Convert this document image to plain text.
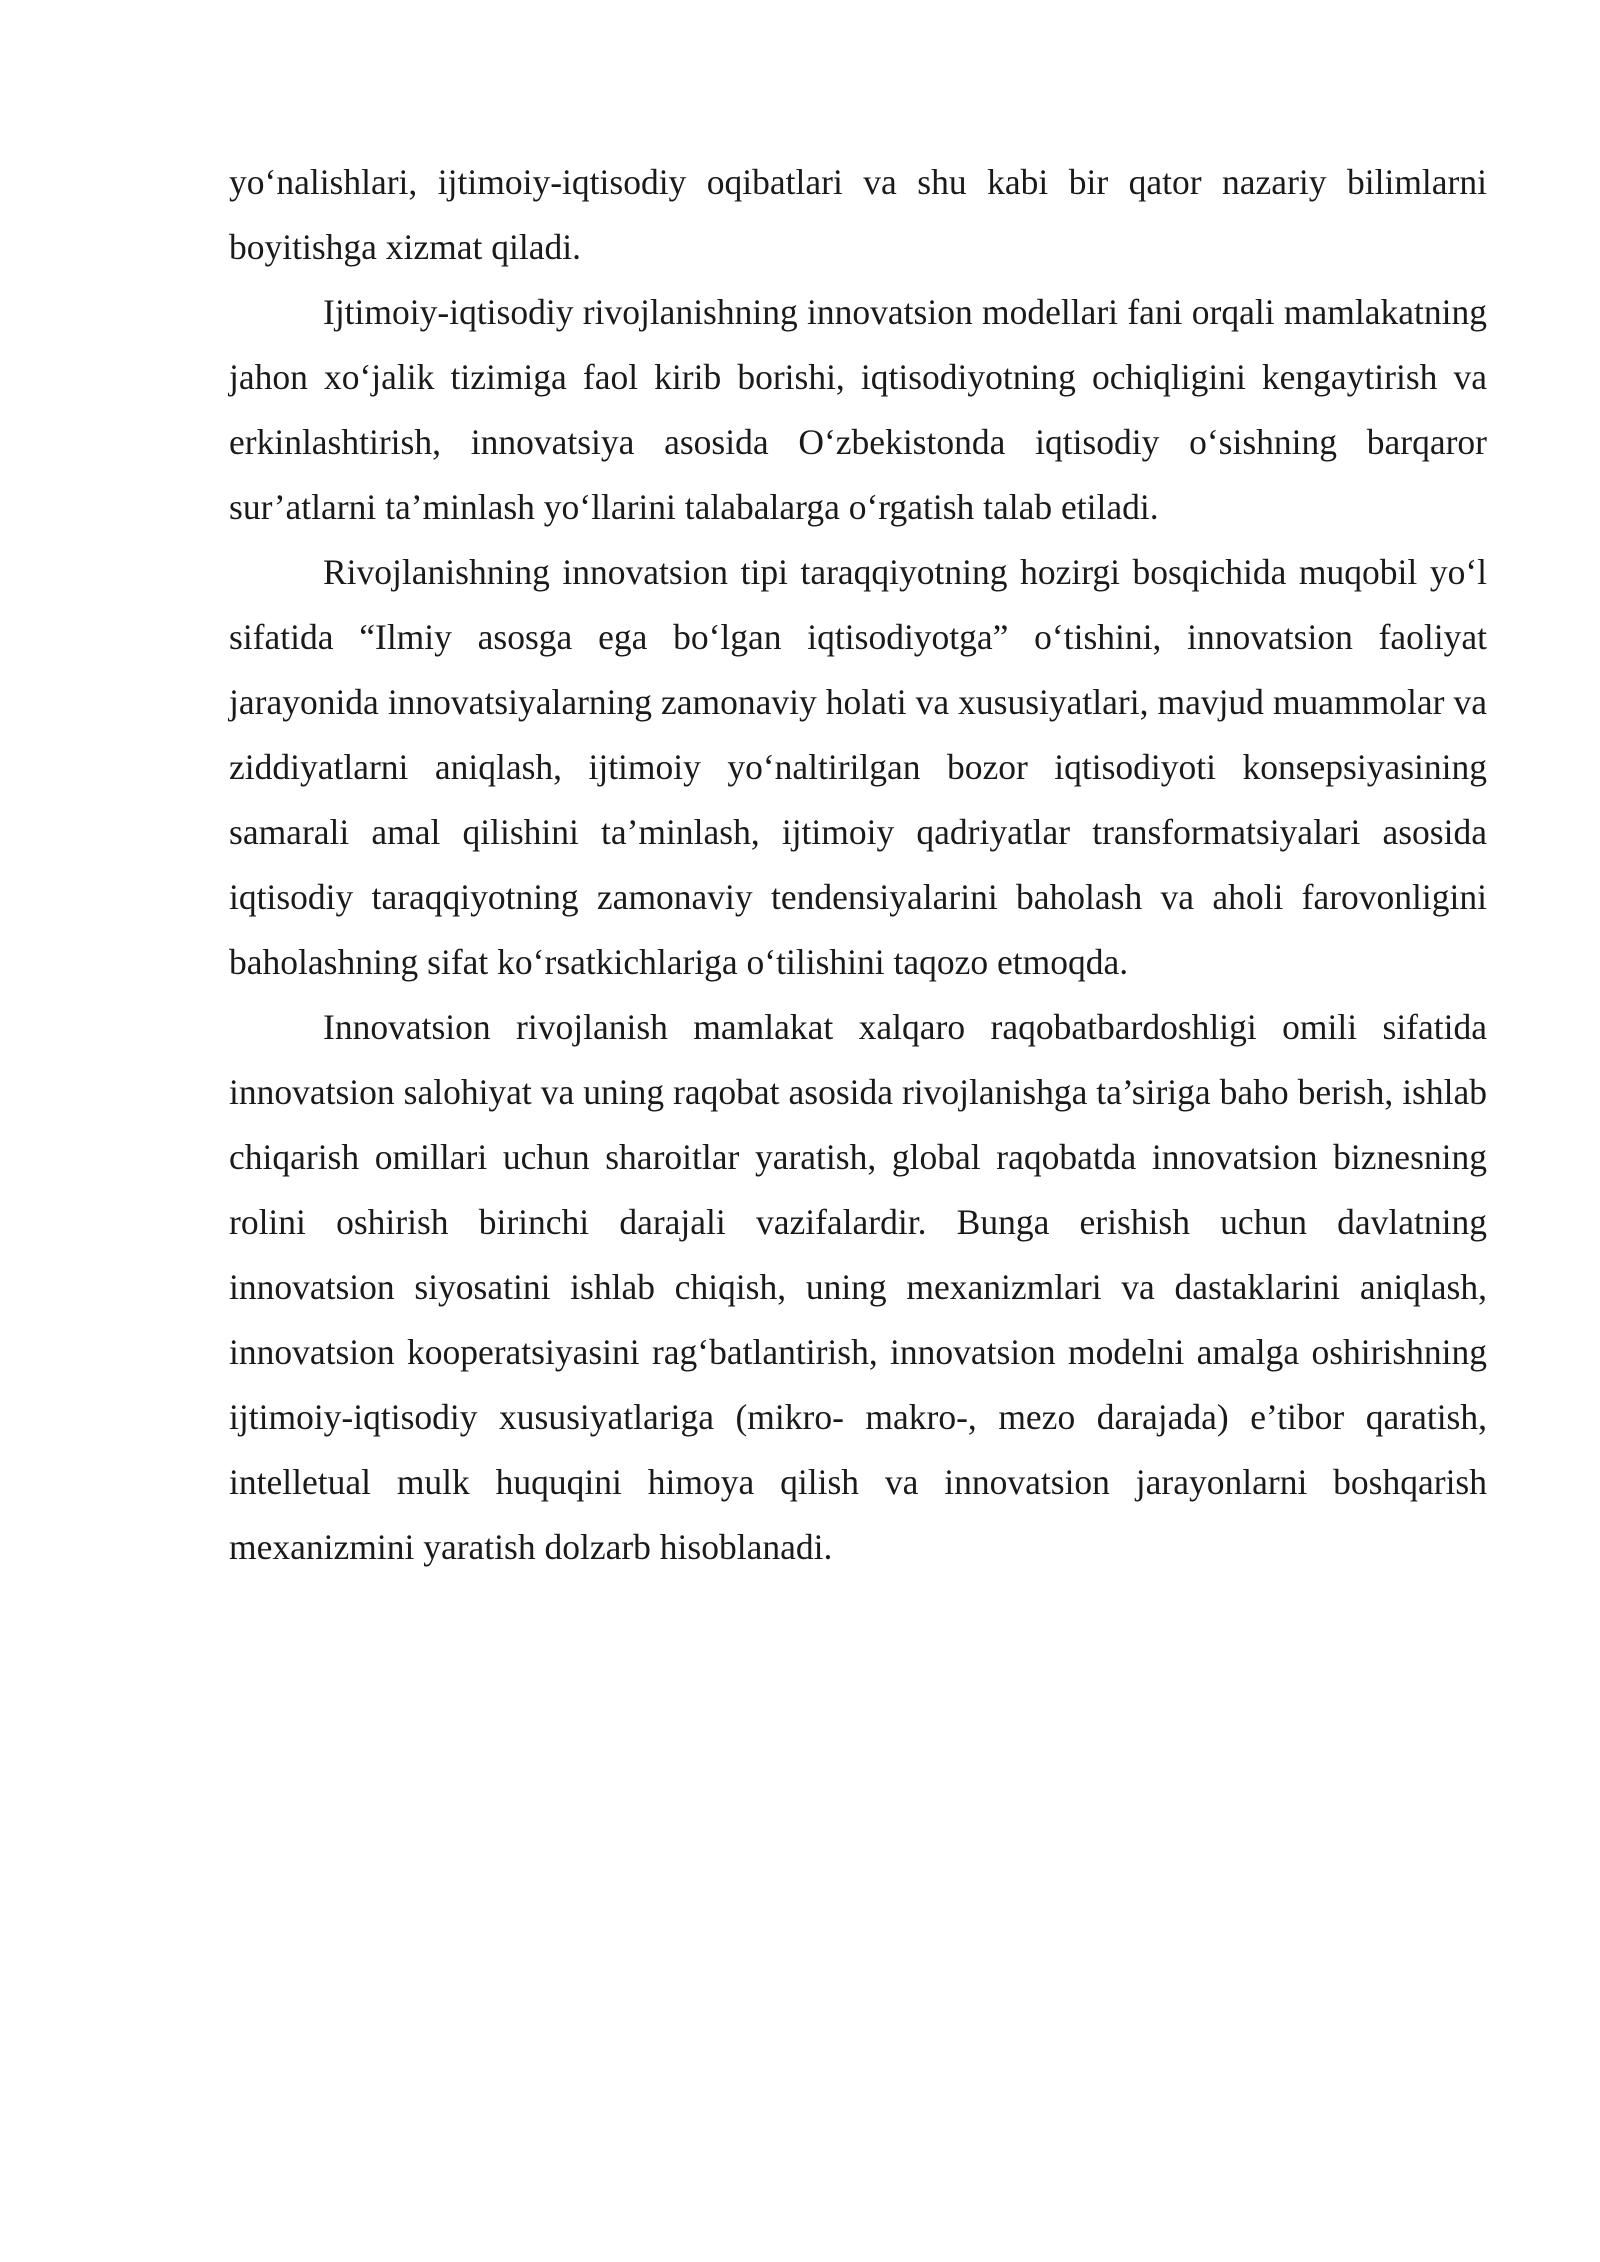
yo‘nalishlari, ijtimoiy-iqtisodiy oqibatlari va shu kabi bir qator nazariy bilimlarni boyitishga xizmat qiladi.

Ijtimoiy-iqtisodiy rivojlanishning innovatsion modellari fani orqali mamlakatning jahon xo‘jalik tizimiga faol kirib borishi, iqtisodiyotning ochiqligini kengaytirish va erkinlashtirish, innovatsiya asosida O‘zbekistonda iqtisodiy o‘sishning barqaror sur’atlarni ta’minlash yo‘llarini talabalarga o‘rgatish talab etiladi.

Rivojlanishning innovatsion tipi taraqqiyotning hozirgi bosqichida muqobil yo‘l sifatida “Ilmiy asosga ega bo‘lgan iqtisodiyotga” o‘tishini, innovatsion faoliyat jarayonida innovatsiyalarning zamonaviy holati va xususiyatlari, mavjud muammolar va ziddiyatlarni aniqlash, ijtimoiy yo‘naltirilgan bozor iqtisodiyoti konsepsiyasining samarali amal qilishini ta’minlash, ijtimoiy qadriyatlar transformatsiyalari asosida iqtisodiy taraqqiyotning zamonaviy tendensiyalarini baholash va aholi farovonligini baholashning sifat ko‘rsatkichlariga o‘tilishini taqozo etmoqda.

Innovatsion rivojlanish mamlakat xalqaro raqobatbardoshligi omili sifatida innovatsion salohiyat va uning raqobat asosida rivojlanishga ta’siriga baho berish, ishlab chiqarish omillari uchun sharoitlar yaratish, global raqobatda innovatsion biznesning rolini oshirish birinchi darajali vazifalardir. Bunga erishish uchun davlatning innovatsion siyosatini ishlab chiqish, uning mexanizmlari va dastaklarini aniqlash, innovatsion kooperatsiyasini rag‘batlantirish, innovatsion modelni amalga oshirishning ijtimoiy-iqtisodiy xususiyatlariga (mikro- makro-, mezo darajada) e’tibor qaratish, intelletual mulk huquqini himoya qilish va innovatsion jarayonlarni boshqarish mexanizmini yaratish dolzarb hisoblanadi.
